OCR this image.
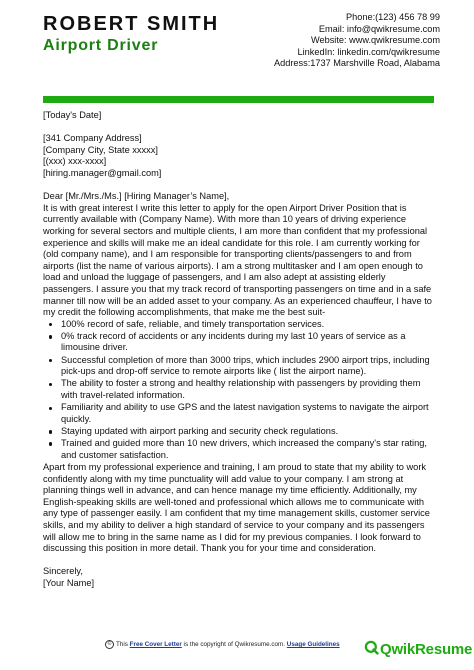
ROBERT SMITH
Airport Driver
Phone:(123) 456 78 99
Email: info@qwikresume.com
Website: www.qwikresume.com
LinkedIn: linkedin.com/qwikresume
Address:1737 Marshville Road, Alabama

[Today's Date]

[341 Company Address]
[Company City, State xxxxx]
[(xxx) xxx-xxxx]
[hiring.manager@gmail.com]

Dear [Mr./Mrs./Ms.] [Hiring Manager’s Name],

It is with great interest I write this letter to apply for the open Airport Driver Position that is currently available with (Company Name). With more than 10 years of driving experience working for several sectors and multiple clients, I am more than confident that my professional experience and skills will make me an ideal candidate for this role. I am currently working for (old company name), and I am responsible for transporting clients/passengers to and from airports (list the name of various airports). I am a strong multitasker and I am open enough to load and unload the luggage of passengers, and I am also adept at assisting elderly passengers. I assure you that my track record of transporting passengers on time and in a safe manner till now will be an added asset to your company. As an experienced chauffeur, I have to my credit the following accomplishments, that make me the best suit-

100% record of safe, reliable, and timely transportation services.
0% track record of accidents or any incidents during my last 10 years of service as a limousine driver.
Successful completion of more than 3000 trips, which includes 2900 airport trips, including pick-ups and drop-off service to remote airports like ( list the airport name).
The ability to foster a strong and healthy relationship with passengers by providing them with travel-related information.
Familiarity and ability to use GPS and the latest navigation systems to navigate the airport quickly.
Staying updated with airport parking and security check regulations.
Trained and guided more than 10 new drivers, which increased the company's star rating, and customer satisfaction.

Apart from my professional experience and training, I am proud to state that my ability to work confidently along with my time punctuality will add value to your company. I am strong at planning things well in advance, and can hence manage my time efficiently. Additionally, my English-speaking skills are well-toned and professional which allows me to communicate with any type of passenger easily. I am confident that my time management skills, customer service skills, and my ability to deliver a high standard of service to your company and its passengers will allow me to bring in the same name as I did for my previous companies. I look forward to discussing this position in more detail. Thank you for your time and consideration.

Sincerely,

[Your Name]

© This Free Cover Letter is the copyright of Qwikresume.com. Usage Guidelines	QwikResume
